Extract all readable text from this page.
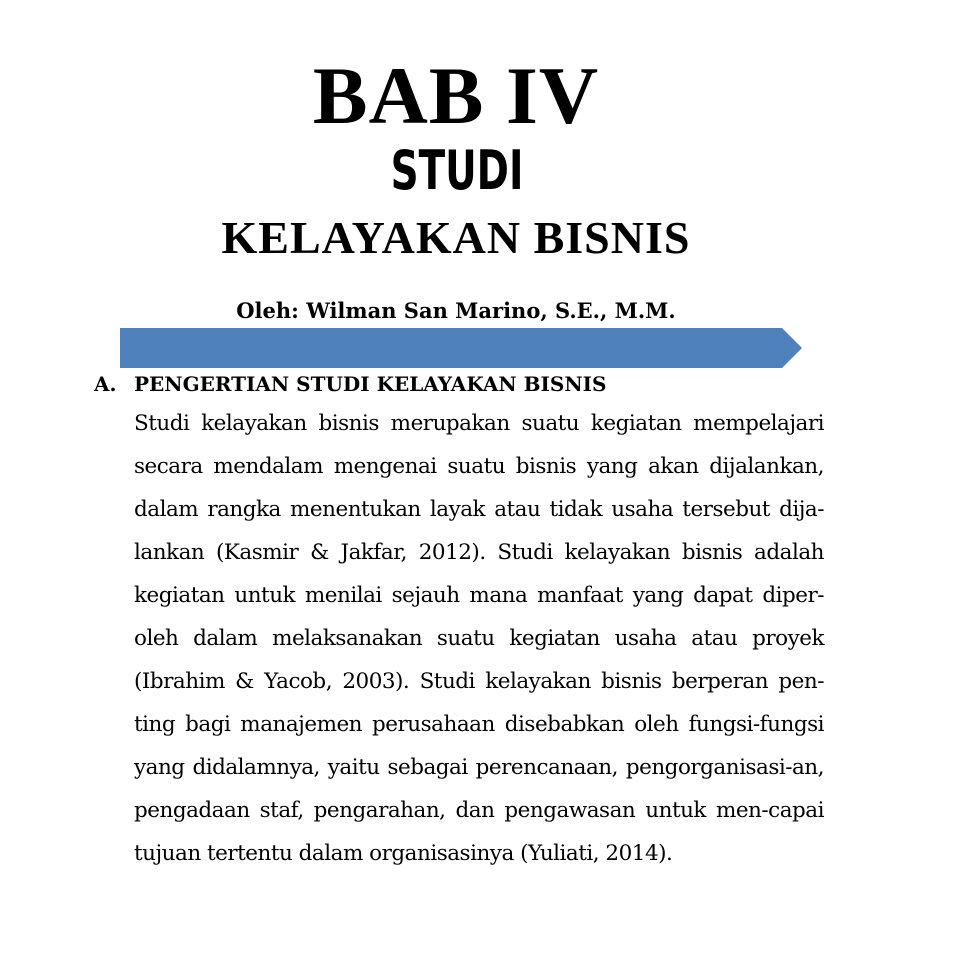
BAB IV
STUDI
KELAYAKAN BISNIS

Oleh: Wilman San Marino, S.E., M.M.

A. PENGERTIAN STUDI KELAYAKAN BISNIS

Studi kelayakan bisnis merupakan suatu kegiatan mempelajari secara mendalam mengenai suatu bisnis yang akan dijalankan, dalam rangka menentukan layak atau tidak usaha tersebut dija-lankan (Kasmir & Jakfar, 2012). Studi kelayakan bisnis adalah kegiatan untuk menilai sejauh mana manfaat yang dapat diper-oleh dalam melaksanakan suatu kegiatan usaha atau proyek (Ibrahim & Yacob, 2003). Studi kelayakan bisnis berperan pen-ting bagi manajemen perusahaan disebabkan oleh fungsi-fungsi yang didalamnya, yaitu sebagai perencanaan, pengorganisasi-an, pengadaan staf, pengarahan, dan pengawasan untuk men-capai tujuan tertentu dalam organisasinya (Yuliati, 2014).
